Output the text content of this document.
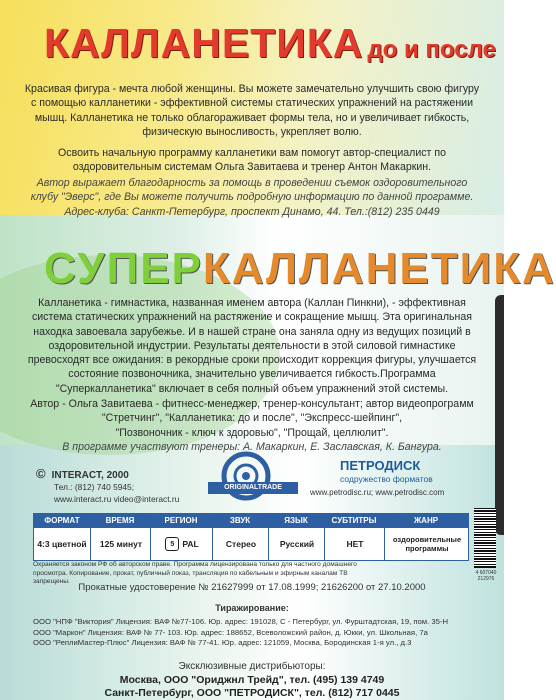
КАЛЛАНЕТИКА до и после

Красивая фигура - мечта любой женщины. Вы можете замечательно улучшить свою фигуру
с помощью калланетики - эффективной системы статических упражнений на растяжении
мышц. Калланетика не только облагораживает формы тела, но и увеличивает гибкость,
физическую выносливость, укрепляет волю.

Освоить начальную программу калланетики вам помогут автор-специалист по
оздоровительным системам Ольга Завитаева и тренер Антон Макаркин.

Автор выражает благодарность за помощь в проведении съемок оздоровительного
клубу "Эверс", где Вы можете получить подробную информацию по данной программе.
Адрес-клуба: Санкт-Петербург, проспект Динамо, 44. Тел.:(812) 235 0449

СУПЕРКАЛЛАНЕТИКА

Калланетика - гимнастика, названная именем автора (Каллан Пинкни), - эффективная
система статических упражнений на растяжение и сокращение мышц. Эта оригинальная
находка завоевала зарубежье. И в нашей стране она заняла одну из ведущих позиций в
оздоровительной индустрии. Результаты деятельности в этой силовой гимнастике
превосходят все ожидания: в рекордные сроки происходит коррекция фигуры, улучшается
состояние позвоночника, значительно увеличивается гибкость.Программа
"Суперкалланетика" включает в себя полный объем упражнений этой системы.

Автор - Ольга Завитаева - фитнесс-менеджер, тренер-консультант; автор видеопрограмм
"Стретчинг", "Калланетика: до и после", "Экспресс-шейпинг",
"Позвоночник - ключ к здоровью", "Прощай, целлюлит".

В программе участвуют тренеры: А. Макаркин, Е. Заславская, К. Бангура.

© INTERACT, 2000
Тел.: (812) 740 5945;
www.interact.ru video@interact.ru
ORIGINALTRADE
ПЕТРОДИСК
содружество форматов
www.petrodisc.ru; www.petrodisc.com
ФОРМАТ	ВРЕМЯ	РЕГИОН	ЗВУК	ЯЗЫК	СУБТИТРЫ	ЖАНР
4:3 цветной	125 минут	5 PAL	Стерео	Русский	НЕТ	оздоровительные программы
4 607040 212976
Охраняется законом РФ об авторском праве. Программа лицензирована только для частного домашнего
просмотра. Копирование, прокат, публичный показ, трансляция по кабельным и эфирным каналам ТВ запрещены.
Прокатные удостоверение № 21627999 от 17.08.1999; 21626200 от 27.10.2000
Тиражирование:
ООО "НПФ "Виктория" Лицензия: ВАФ №77-106. Юр. адрес: 191028, С - Петербург, ул. Фурштадтская, 19, пом. 35-Н
ООО "Маркон" Лицензия: ВАФ № 77- 103. Юр. адрес: 188652, Всеволожский район, д. Юкки, ул. Школьная, 7а
ООО "РеплиМастер-Плюс" Лицензия: ВАФ № 77-41. Юр. адрес: 121059, Москва, Бородинская 1-я ул., д.3
Эксклюзивные дистрибьюторы:
Москва, ООО "Ориджнл Трейд", тел. (495) 139 4749
Санкт-Петербург, ООО "ПЕТРОДИСК", тел. (812) 717 0445
